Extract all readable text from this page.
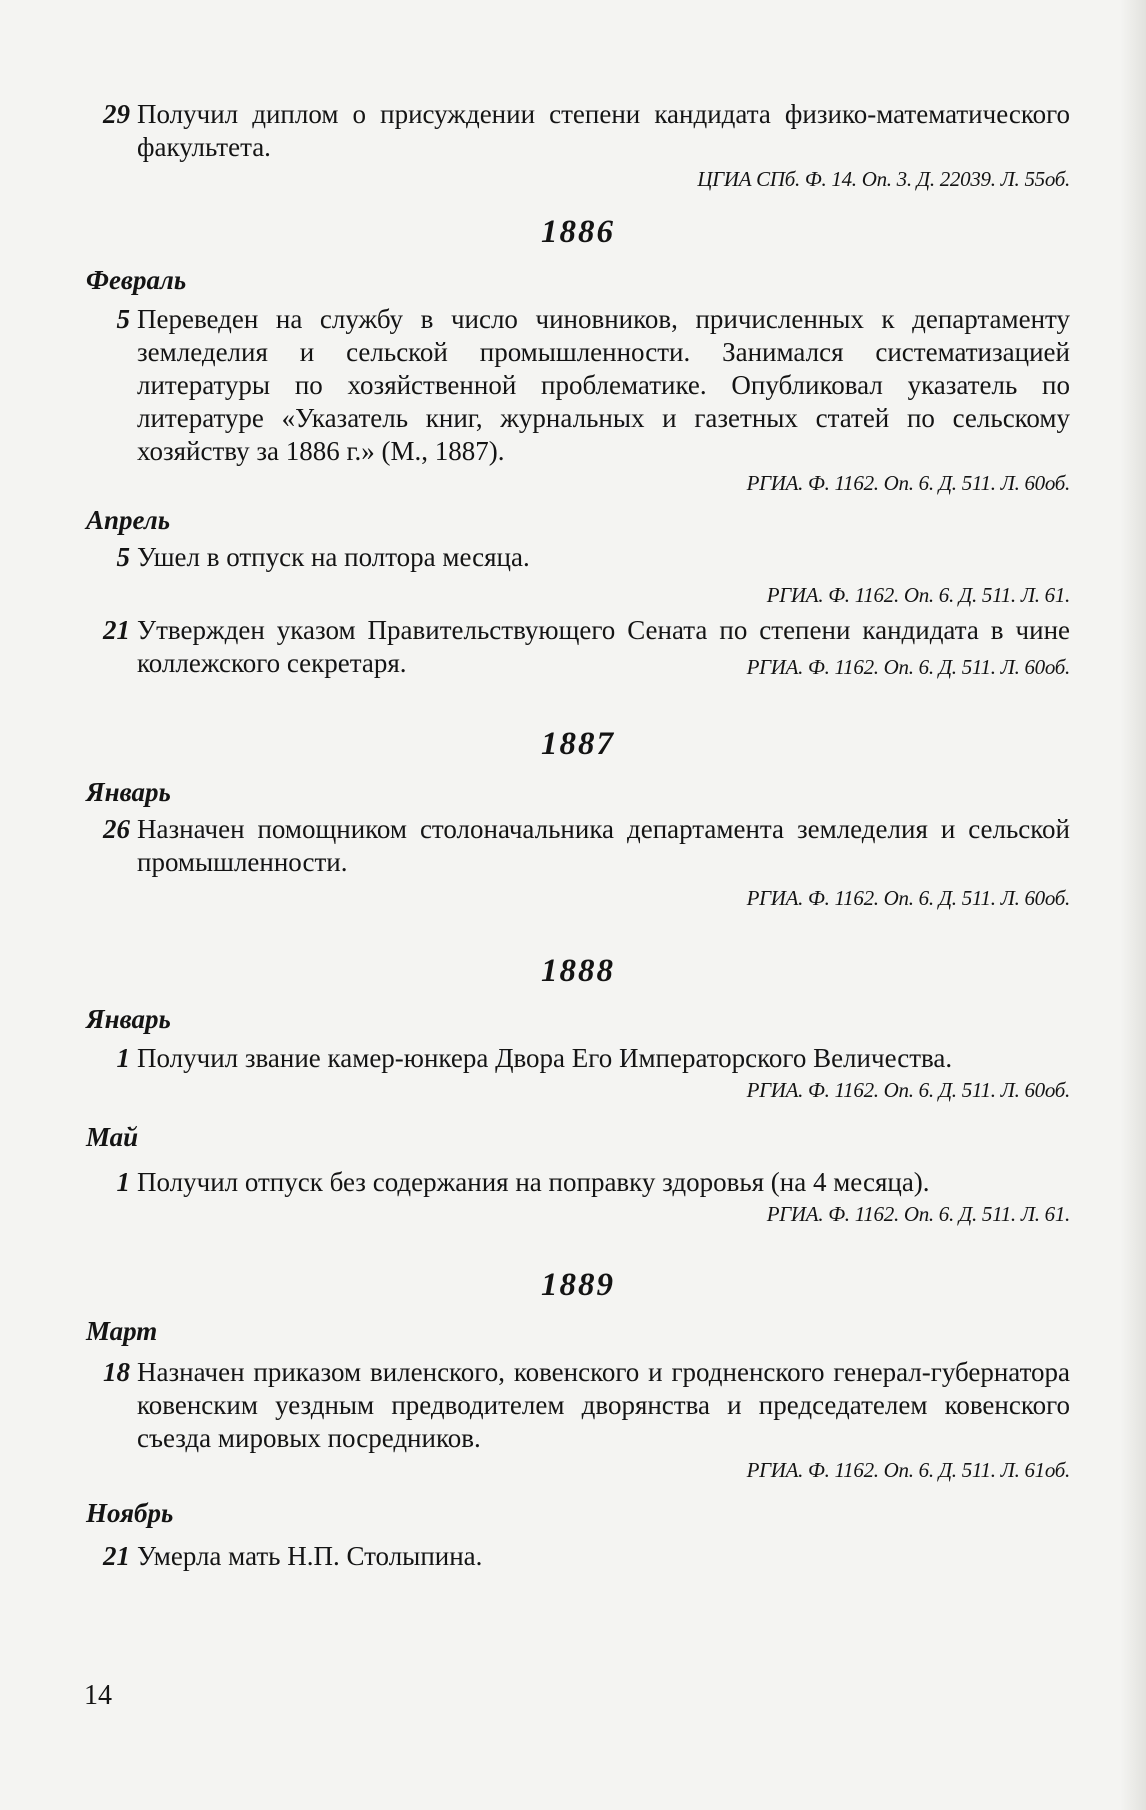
29 Получил диплом о присуждении степени кандидата физико-математического факультета.
ЦГИА СПб. Ф. 14. Оп. 3. Д. 22039. Л. 55об.
1886
Февраль
5 Переведен на службу в число чиновников, причисленных к департаменту земледелия и сельской промышленности. Занимался систематизацией литературы по хозяйственной проблематике. Опубликовал указатель по литературе «Указатель книг, журнальных и газетных статей по сельскому хозяйству за 1886 г.» (М., 1887).
РГИА. Ф. 1162. Оп. 6. Д. 511. Л. 60об.
Апрель
5 Ушел в отпуск на полтора месяца.
РГИА. Ф. 1162. Оп. 6. Д. 511. Л. 61.
21 Утвержден указом Правительствующего Сената по степени кандидата в чине коллежского секретаря.	РГИА. Ф. 1162. Оп. 6. Д. 511. Л. 60об.
1887
Январь
26 Назначен помощником столоначальника департамента земледелия и сельской промышленности.
РГИА. Ф. 1162. Оп. 6. Д. 511. Л. 60об.
1888
Январь
1 Получил звание камер-юнкера Двора Его Императорского Величества.
РГИА. Ф. 1162. Оп. 6. Д. 511. Л. 60об.
Май
1 Получил отпуск без содержания на поправку здоровья (на 4 месяца).
РГИА. Ф. 1162. Оп. 6. Д. 511. Л. 61.
1889
Март
18 Назначен приказом виленского, ковенского и гродненского генерал-губернатора ковенским уездным предводителем дворянства и председателем ковенского съезда мировых посредников.
РГИА. Ф. 1162. Оп. 6. Д. 511. Л. 61об.
Ноябрь
21 Умерла мать Н.П. Столыпина.
14
